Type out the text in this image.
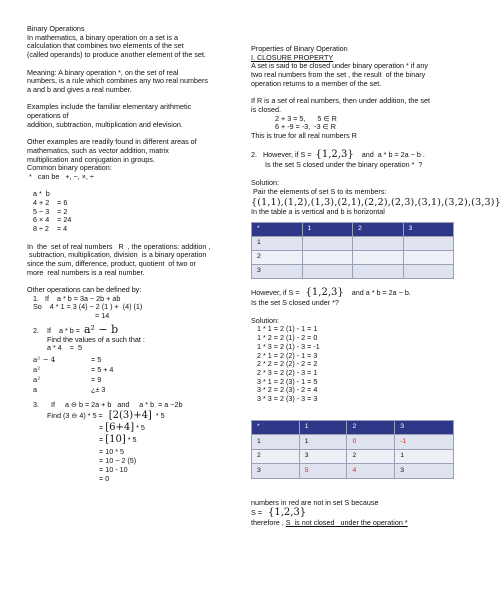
Binary Operations
In mathematics, a binary operation on a set is a
calculation that combines two elements of the set
(called operands) to produce another element of the set.
Meaning: A binary operation *, on the set of real
numbers, is a rule which combines any two real numbers
a and b and gives a real number.
Examples include the familiar elementary arithmetic
operations of
addition, subtraction, multiplication and elevision.
Other examples are readily found in different areas of
mathematics, such as vector addition, matrix
multiplication and conjugation in groups.
Common binary operation:
*   can be   +, −, ×, ÷
a *  b
4 + 2    = 6
5 − 3    = 2
6 × 4    = 24
8 ÷ 2    = 4
In  the  set of real numbers   R  , the operations: addition ,
subtraction, multiplication, division  is a binary operation
since the sum, difference, product, quotient  of two or
more  real numbers is a real number.
Other operations can be defined by:
1.   If    a * b = 3a − 2b + ab
So    4 * 1 = 3 (4) − 2 (1 ) +  (4) (1)
= 14
2. If    a * b = a² − b
Find the values of a such that :
a * 4 =  5
a² − 4	= 5
a²	= 5 + 4
a²	= 9
a	¿± 3
3.      If     a ⊖ b = 2a + b   and     a * b  = a −2b
Find (3 ⊖ 4) * 5 = [2(3)+4] * 5
= [6+4] * 5
= [10] * 5
= 10 * 5
= 10 − 2 (5)
= 10 - 10
= 0
Properties of Binary Operation
I. CLOSURE PROPERTY
A set is said to be closed under binary operation * if any
two real numbers from the set , the result  of the binary
operation returns to a member of the set.
If R is a set of real numbers, then under addition, the set
is closed.
2 + 3 = 5,      5 ∈ R
6 + -9 = -3,  -3 ∈ R
This is true for all real numbers R
2.   However, if S = {1,2,3} and  a * b = 2a − b .
Is the set S closed under the binary operation *  ?
Solution:
Pair the elements of set S to its members:
{(1,1),(1,2),(1,3),(2,1),(2,2),(2,3),(3,1),(3,2),(3,3)}
In the table a is vertical and b is horizontal
*	1	2	3
1			
2			
3			
However, if S = {1,2,3} and a * b = 2a − b.
Is the set S closed under *?
Solution:
1 * 1 = 2 (1) - 1 = 1
1 * 2 = 2 (1) - 2 = 0
1 * 3 = 2 (1) - 3 = -1
2 * 1 = 2 (2) - 1 = 3
2 * 2 = 2 (2) - 2 = 2
2 * 3 = 2 (2) - 3 = 1
3 * 1 = 2 (3) - 1 = 5
3 * 2 = 2 (3) - 2 = 4
3 * 3 = 2 (3) - 3 = 3
*	1	2	3
1	1	0	-1
2	3	2	1
3	5	4	3
numbers in red are not in set S because
S = {1,2,3}
therefore , S  is not closed   under the operation *
